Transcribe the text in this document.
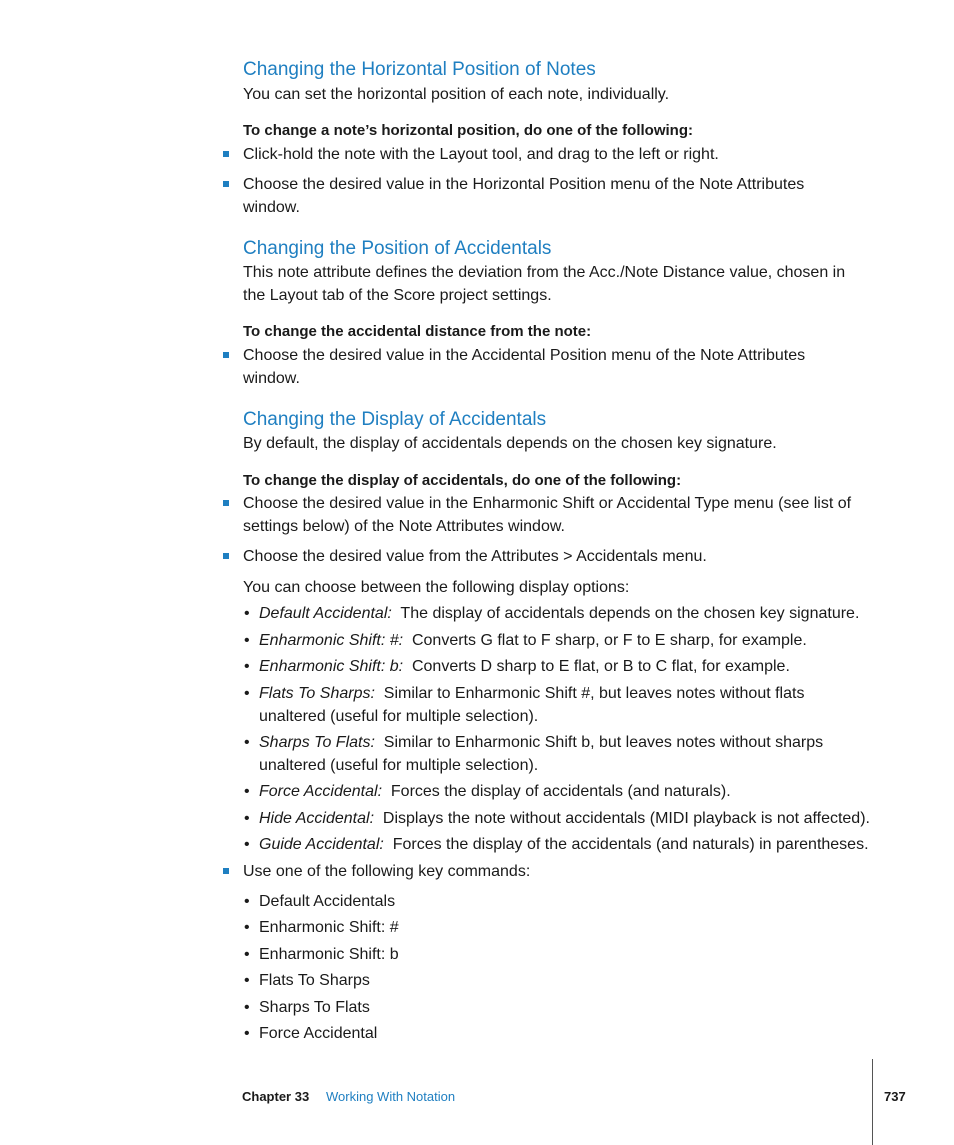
Changing the Horizontal Position of Notes
You can set the horizontal position of each note, individually.
To change a note’s horizontal position, do one of the following:
Click-hold the note with the Layout tool, and drag to the left or right.
Choose the desired value in the Horizontal Position menu of the Note Attributes
window.
Changing the Position of Accidentals
This note attribute defines the deviation from the Acc./Note Distance value, chosen in
the Layout tab of the Score project settings.
To change the accidental distance from the note:
Choose the desired value in the Accidental Position menu of the Note Attributes
window.
Changing the Display of Accidentals
By default, the display of accidentals depends on the chosen key signature.
To change the display of accidentals, do one of the following:
Choose the desired value in the Enharmonic Shift or Accidental Type menu (see list of
settings below) of the Note Attributes window.
Choose the desired value from the Attributes > Accidentals menu.
You can choose between the following display options:
• Default Accidental: The display of accidentals depends on the chosen key signature.
• Enharmonic Shift: #: Converts G flat to F sharp, or F to E sharp, for example.
• Enharmonic Shift: b: Converts D sharp to E flat, or B to C flat, for example.
• Flats To Sharps: Similar to Enharmonic Shift #, but leaves notes without flats
unaltered (useful for multiple selection).
• Sharps To Flats: Similar to Enharmonic Shift b, but leaves notes without sharps
unaltered (useful for multiple selection).
• Force Accidental: Forces the display of accidentals (and naturals).
• Hide Accidental: Displays the note without accidentals (MIDI playback is not affected).
• Guide Accidental: Forces the display of the accidentals (and naturals) in parentheses.
Use one of the following key commands:
• Default Accidentals
• Enharmonic Shift: #
• Enharmonic Shift: b
• Flats To Sharps
• Sharps To Flats
• Force Accidental
Chapter 33 Working With Notation	737
